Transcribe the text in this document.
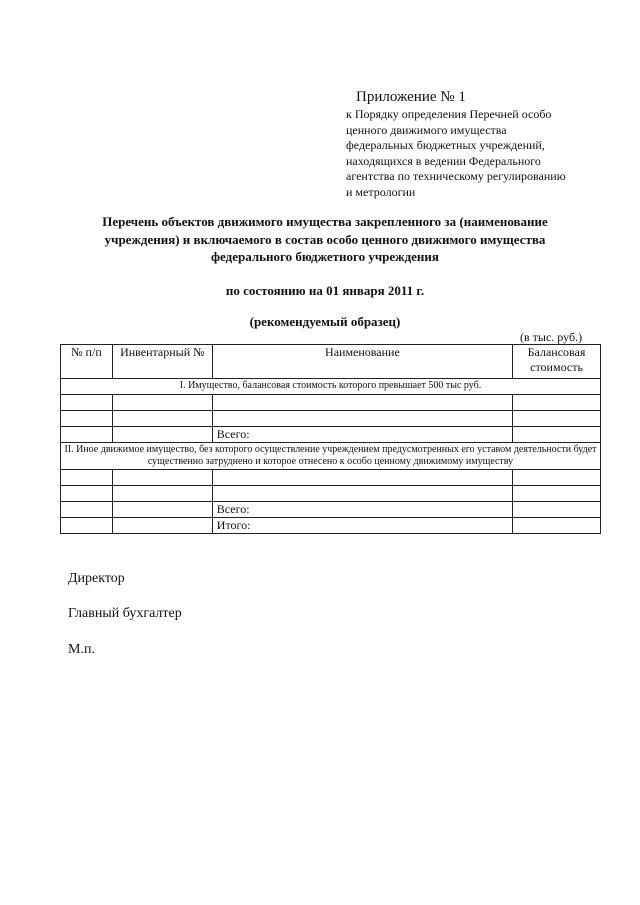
Приложение № 1
к Порядку определения Перечней особо
ценного движимого имущества
федеральных бюджетных учреждений,
находящихся в ведении Федерального
агентства по техническому регулированию
и метрологии
Перечень объектов движимого имущества закрепленного за (наименование
учреждения) и включаемого в состав особо ценного движимого имущества
федерального бюджетного учреждения
по состоянию на 01 января 2011 г.
(рекомендуемый образец)
(в тыс. руб.)
№ п/п	Инвентарный №	Наименование	Балансовая стоимость
I. Имущество, балансовая стоимость которого превышает 500 тыс руб.			

		Всего:	
II. Иное движимое имущество, без которого осуществление учреждением предусмотренных его уставом деятельности будет существенно затруднено и которое отнесено к особо ценному движимому имуществу			

		Всего:	
		Итого:	
Директор
Главный бухгалтер
М.п.
